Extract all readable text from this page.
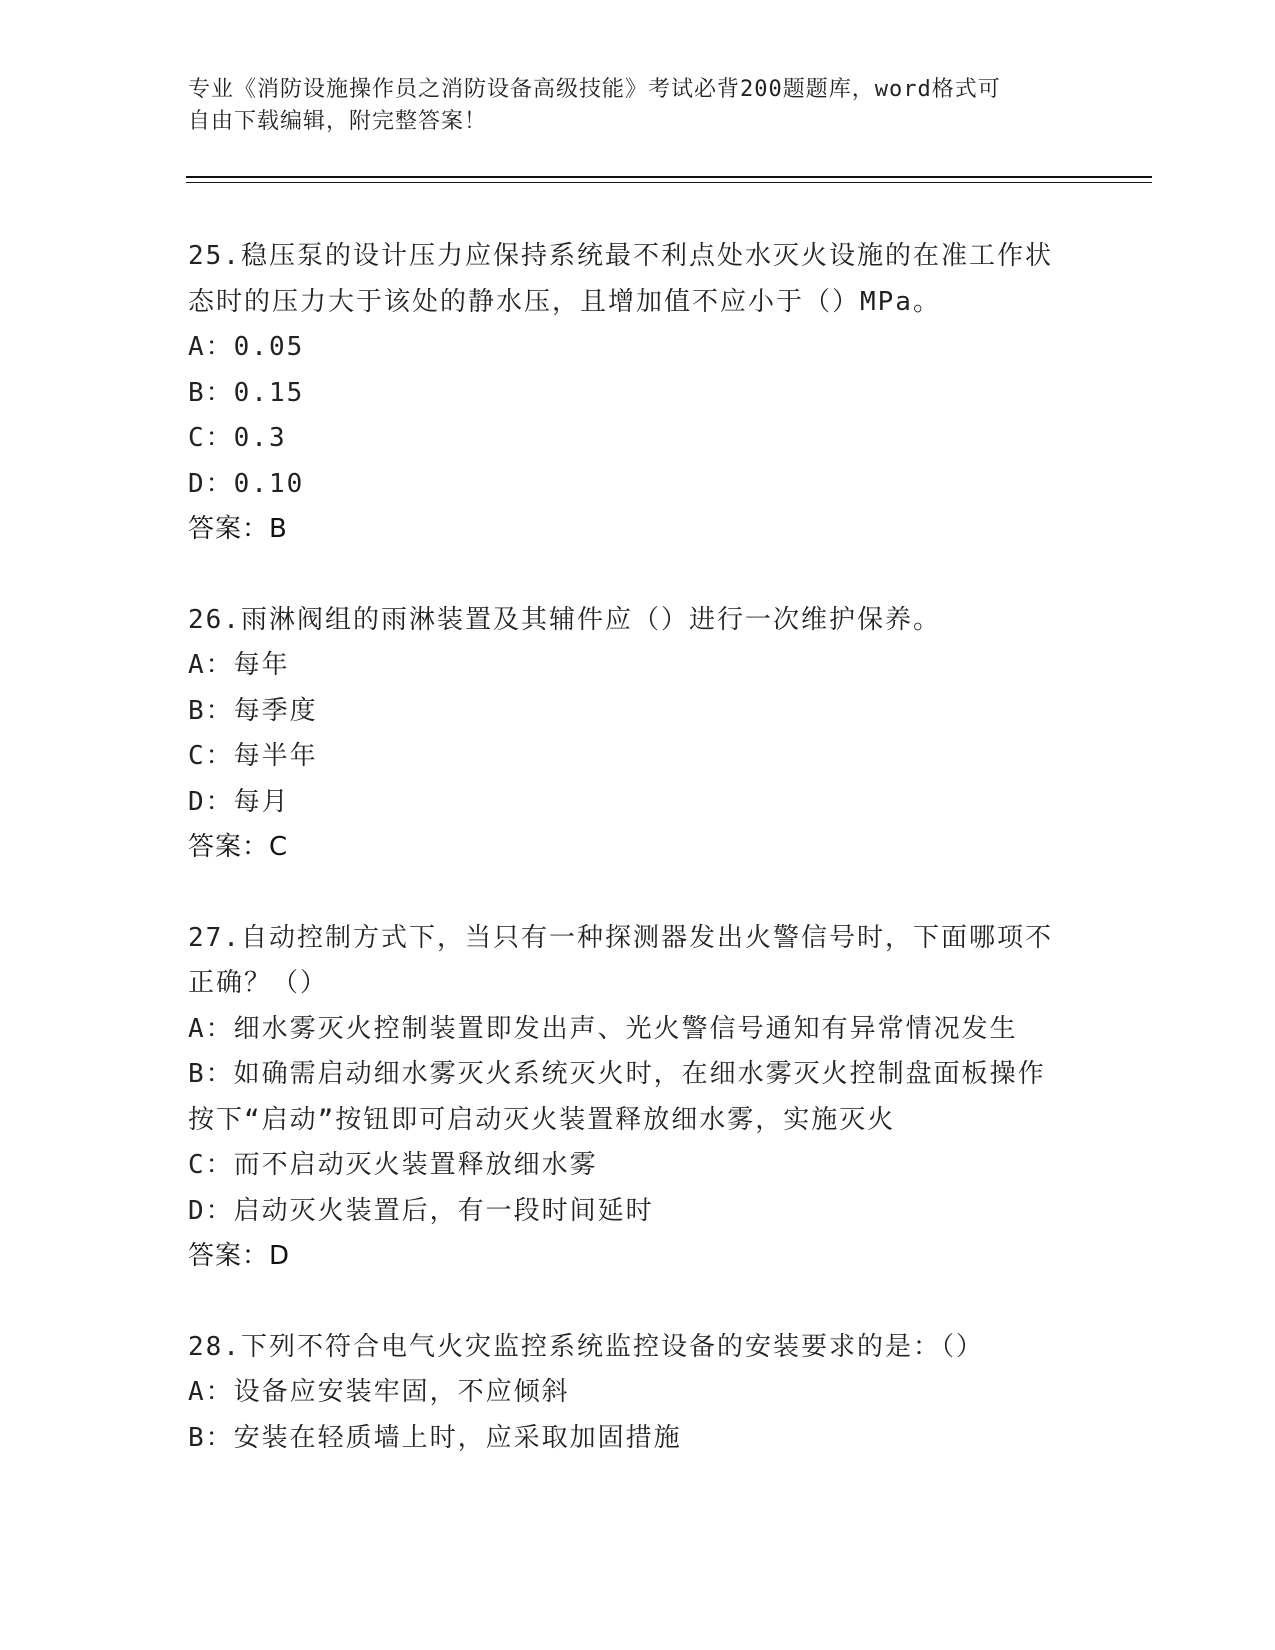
专业《消防设施操作员之消防设备高级技能》考试必背200题题库，word格式可
自由下载编辑，附完整答案！
25.稳压泵的设计压力应保持系统最不利点处水灭火设施的在准工作状
态时的压力大于该处的静水压，且增加值不应小于（）MPa。
A：0.05
B：0.15
C：0.3
D：0.10
答案：B
26.雨淋阀组的雨淋装置及其辅件应（）进行一次维护保养。
A：每年
B：每季度
C：每半年
D：每月
答案：C
27.自动控制方式下，当只有一种探测器发出火警信号时，下面哪项不
正确？（）
A：细水雾灭火控制装置即发出声、光火警信号通知有异常情况发生
B：如确需启动细水雾灭火系统灭火时，在细水雾灭火控制盘面板操作
按下“启动”按钮即可启动灭火装置释放细水雾，实施灭火
C：而不启动灭火装置释放细水雾
D：启动灭火装置后，有一段时间延时
答案：D
28.下列不符合电气火灾监控系统监控设备的安装要求的是：（）
A：设备应安装牢固，不应倾斜
B：安装在轻质墙上时，应采取加固措施
